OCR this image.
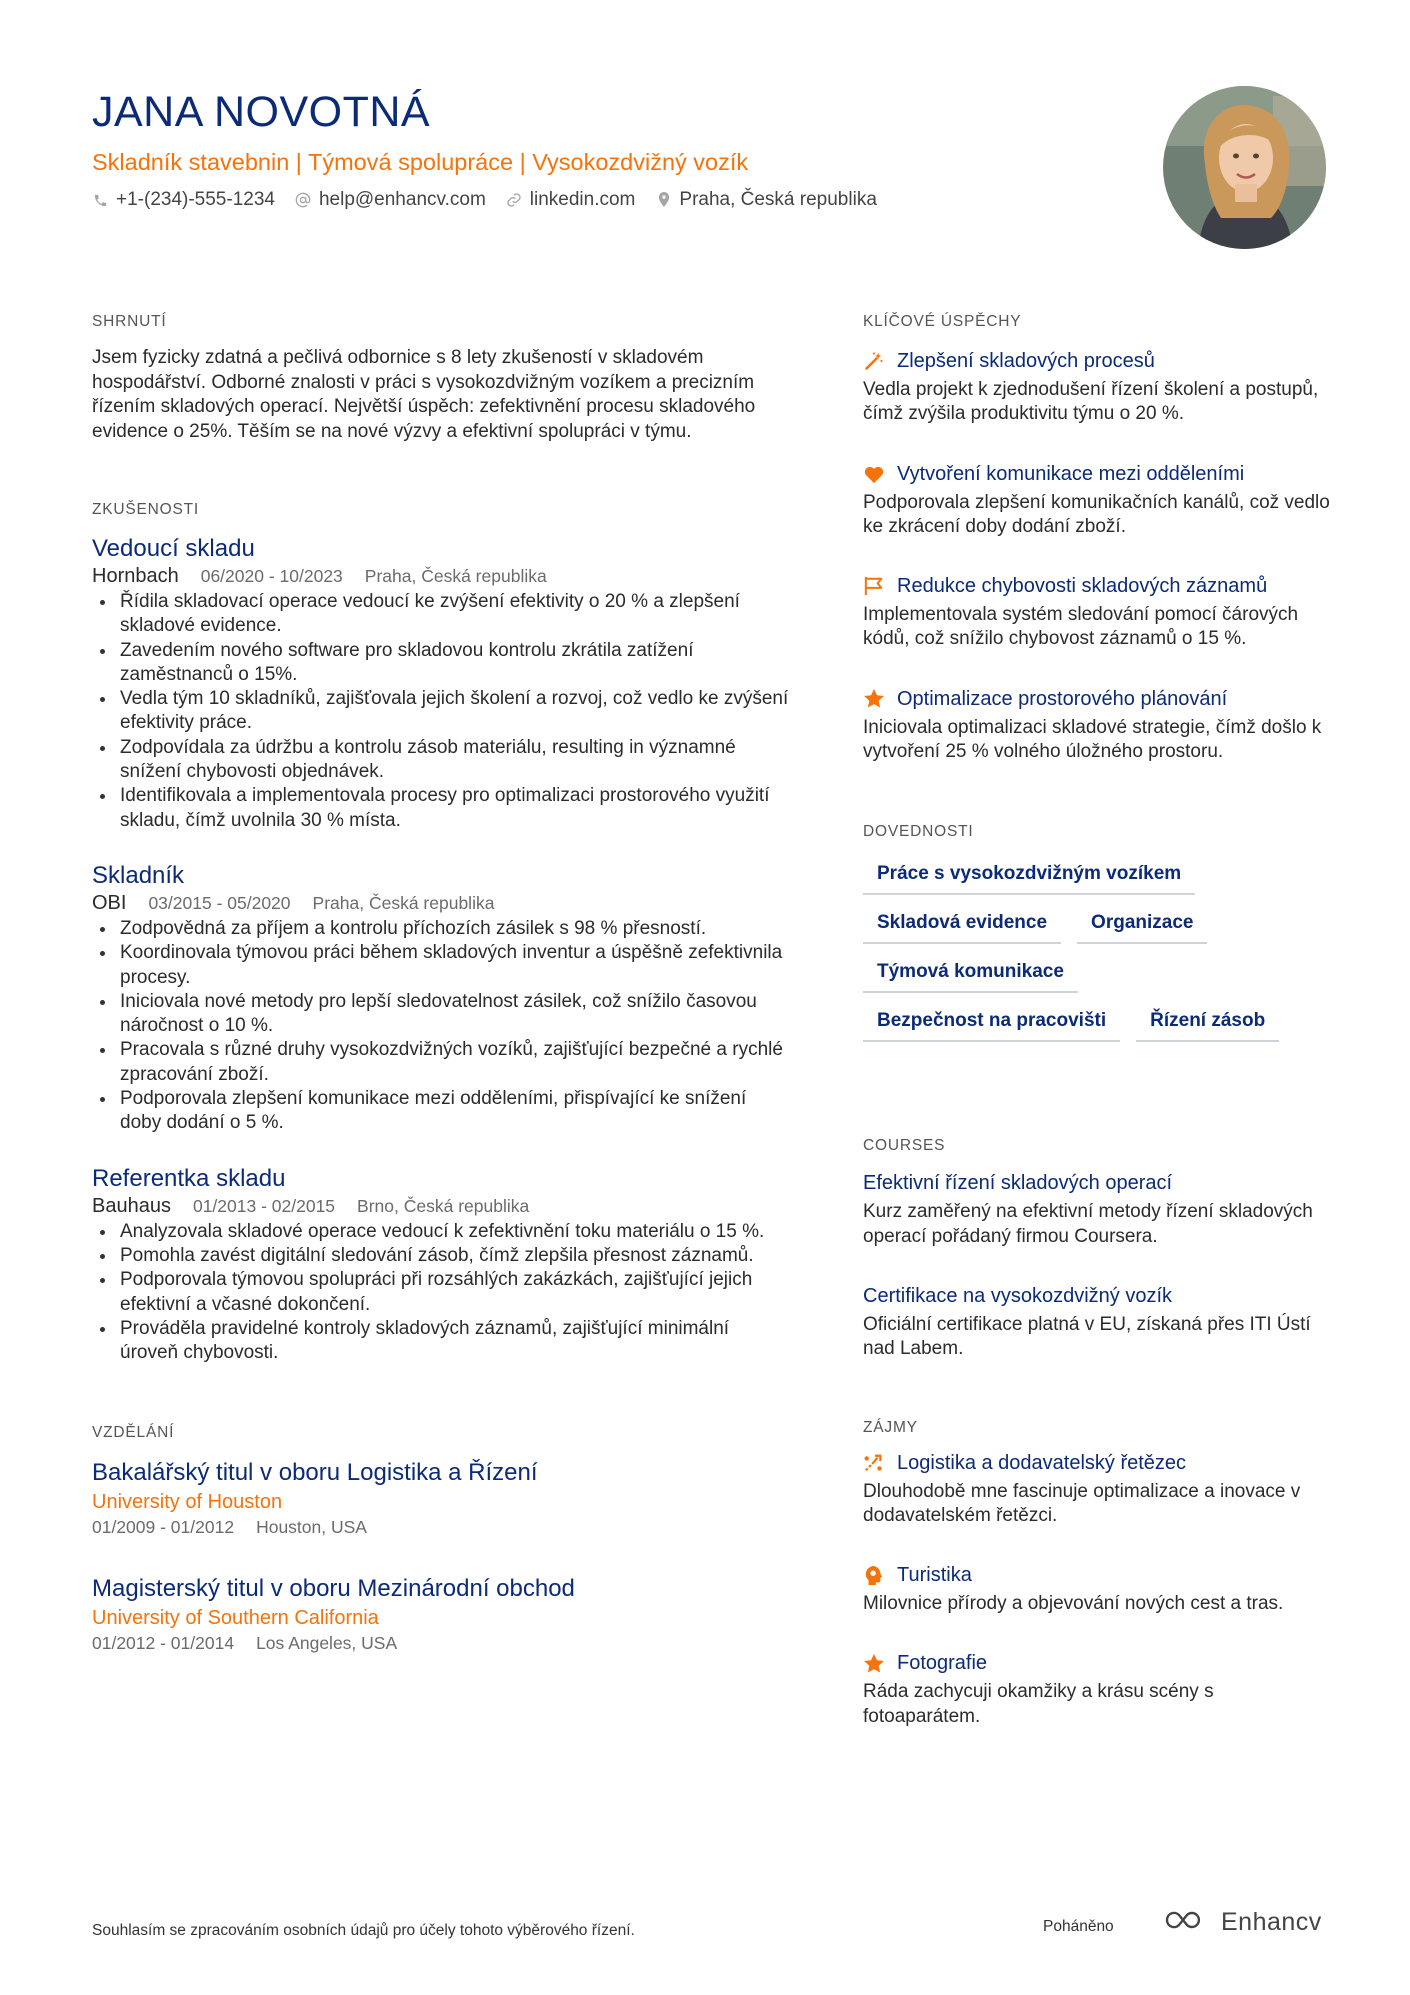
JANA NOVOTNÁ
Skladník stavebnin | Týmová spolupráce | Vysokozdvižný vozík
+1-(234)-555-1234 help@enhancv.com linkedin.com Praha, Česká republika
SHRNUTÍ
Jsem fyzicky zdatná a pečlivá odbornice s 8 lety zkušeností v skladovém hospodářství. Odborné znalosti v práci s vysokozdvižným vozíkem a precizním řízením skladových operací. Největší úspěch: zefektivnění procesu skladového evidence o 25%. Těším se na nové výzvy a efektivní spolupráci v týmu.
ZKUŠENOSTI
Vedoucí skladu
Hornbach 06/2020 - 10/2023 Praha, Česká republika
Řídila skladovací operace vedoucí ke zvýšení efektivity o 20 % a zlepšení skladové evidence.
Zavedením nového software pro skladovou kontrolu zkrátila zatížení zaměstnanců o 15%.
Vedla tým 10 skladníků, zajišťovala jejich školení a rozvoj, což vedlo ke zvýšení efektivity práce.
Zodpovídala za údržbu a kontrolu zásob materiálu, resulting in významné snížení chybovosti objednávek.
Identifikovala a implementovala procesy pro optimalizaci prostorového využití skladu, čímž uvolnila 30 % místa.
Skladník
OBI 03/2015 - 05/2020 Praha, Česká republika
Zodpovědná za příjem a kontrolu příchozích zásilek s 98 % přesností.
Koordinovala týmovou práci během skladových inventur a úspěšně zefektivnila procesy.
Iniciovala nové metody pro lepší sledovatelnost zásilek, což snížilo časovou náročnost o 10 %.
Pracovala s různé druhy vysokozdvižných vozíků, zajišťující bezpečné a rychlé zpracování zboží.
Podporovala zlepšení komunikace mezi odděleními, přispívající ke snížení doby dodání o 5 %.
Referentka skladu
Bauhaus 01/2013 - 02/2015 Brno, Česká republika
Analyzovala skladové operace vedoucí k zefektivnění toku materiálu o 15 %.
Pomohla zavést digitální sledování zásob, čímž zlepšila přesnost záznamů.
Podporovala týmovou spolupráci při rozsáhlých zakázkách, zajišťující jejich efektivní a včasné dokončení.
Prováděla pravidelné kontroly skladových záznamů, zajišťující minimální úroveň chybovosti.
VZDĚLÁNÍ
Bakalářský titul v oboru Logistika a Řízení
University of Houston
01/2009 - 01/2012 Houston, USA
Magisterský titul v oboru Mezinárodní obchod
University of Southern California
01/2012 - 01/2014 Los Angeles, USA
KLÍČOVÉ ÚSPĚCHY
Zlepšení skladových procesů
Vedla projekt k zjednodušení řízení školení a postupů, čímž zvýšila produktivitu týmu o 20 %.
Vytvoření komunikace mezi odděleními
Podporovala zlepšení komunikačních kanálů, což vedlo ke zkrácení doby dodání zboží.
Redukce chybovosti skladových záznamů
Implementovala systém sledování pomocí čárových kódů, což snížilo chybovost záznamů o 15 %.
Optimalizace prostorového plánování
Iniciovala optimalizaci skladové strategie, čímž došlo k vytvoření 25 % volného úložného prostoru.
DOVEDNOSTI
Práce s vysokozdvižným vozíkem
Skladová evidence	Organizace
Týmová komunikace
Bezpečnost na pracovišti	Řízení zásob
COURSES
Efektivní řízení skladových operací
Kurz zaměřený na efektivní metody řízení skladových operací pořádaný firmou Coursera.
Certifikace na vysokozdvižný vozík
Oficiální certifikace platná v EU, získaná přes ITI Ústí nad Labem.
ZÁJMY
Logistika a dodavatelský řetězec
Dlouhodobě mne fascinuje optimalizace a inovace v dodavatelském řetězci.
Turistika
Milovnice přírody a objevování nových cest a tras.
Fotografie
Ráda zachycuji okamžiky a krásu scény s fotoaparátem.
Souhlasím se zpracováním osobních údajů pro účely tohoto výběrového řízení.	Poháněno	Enhancv
